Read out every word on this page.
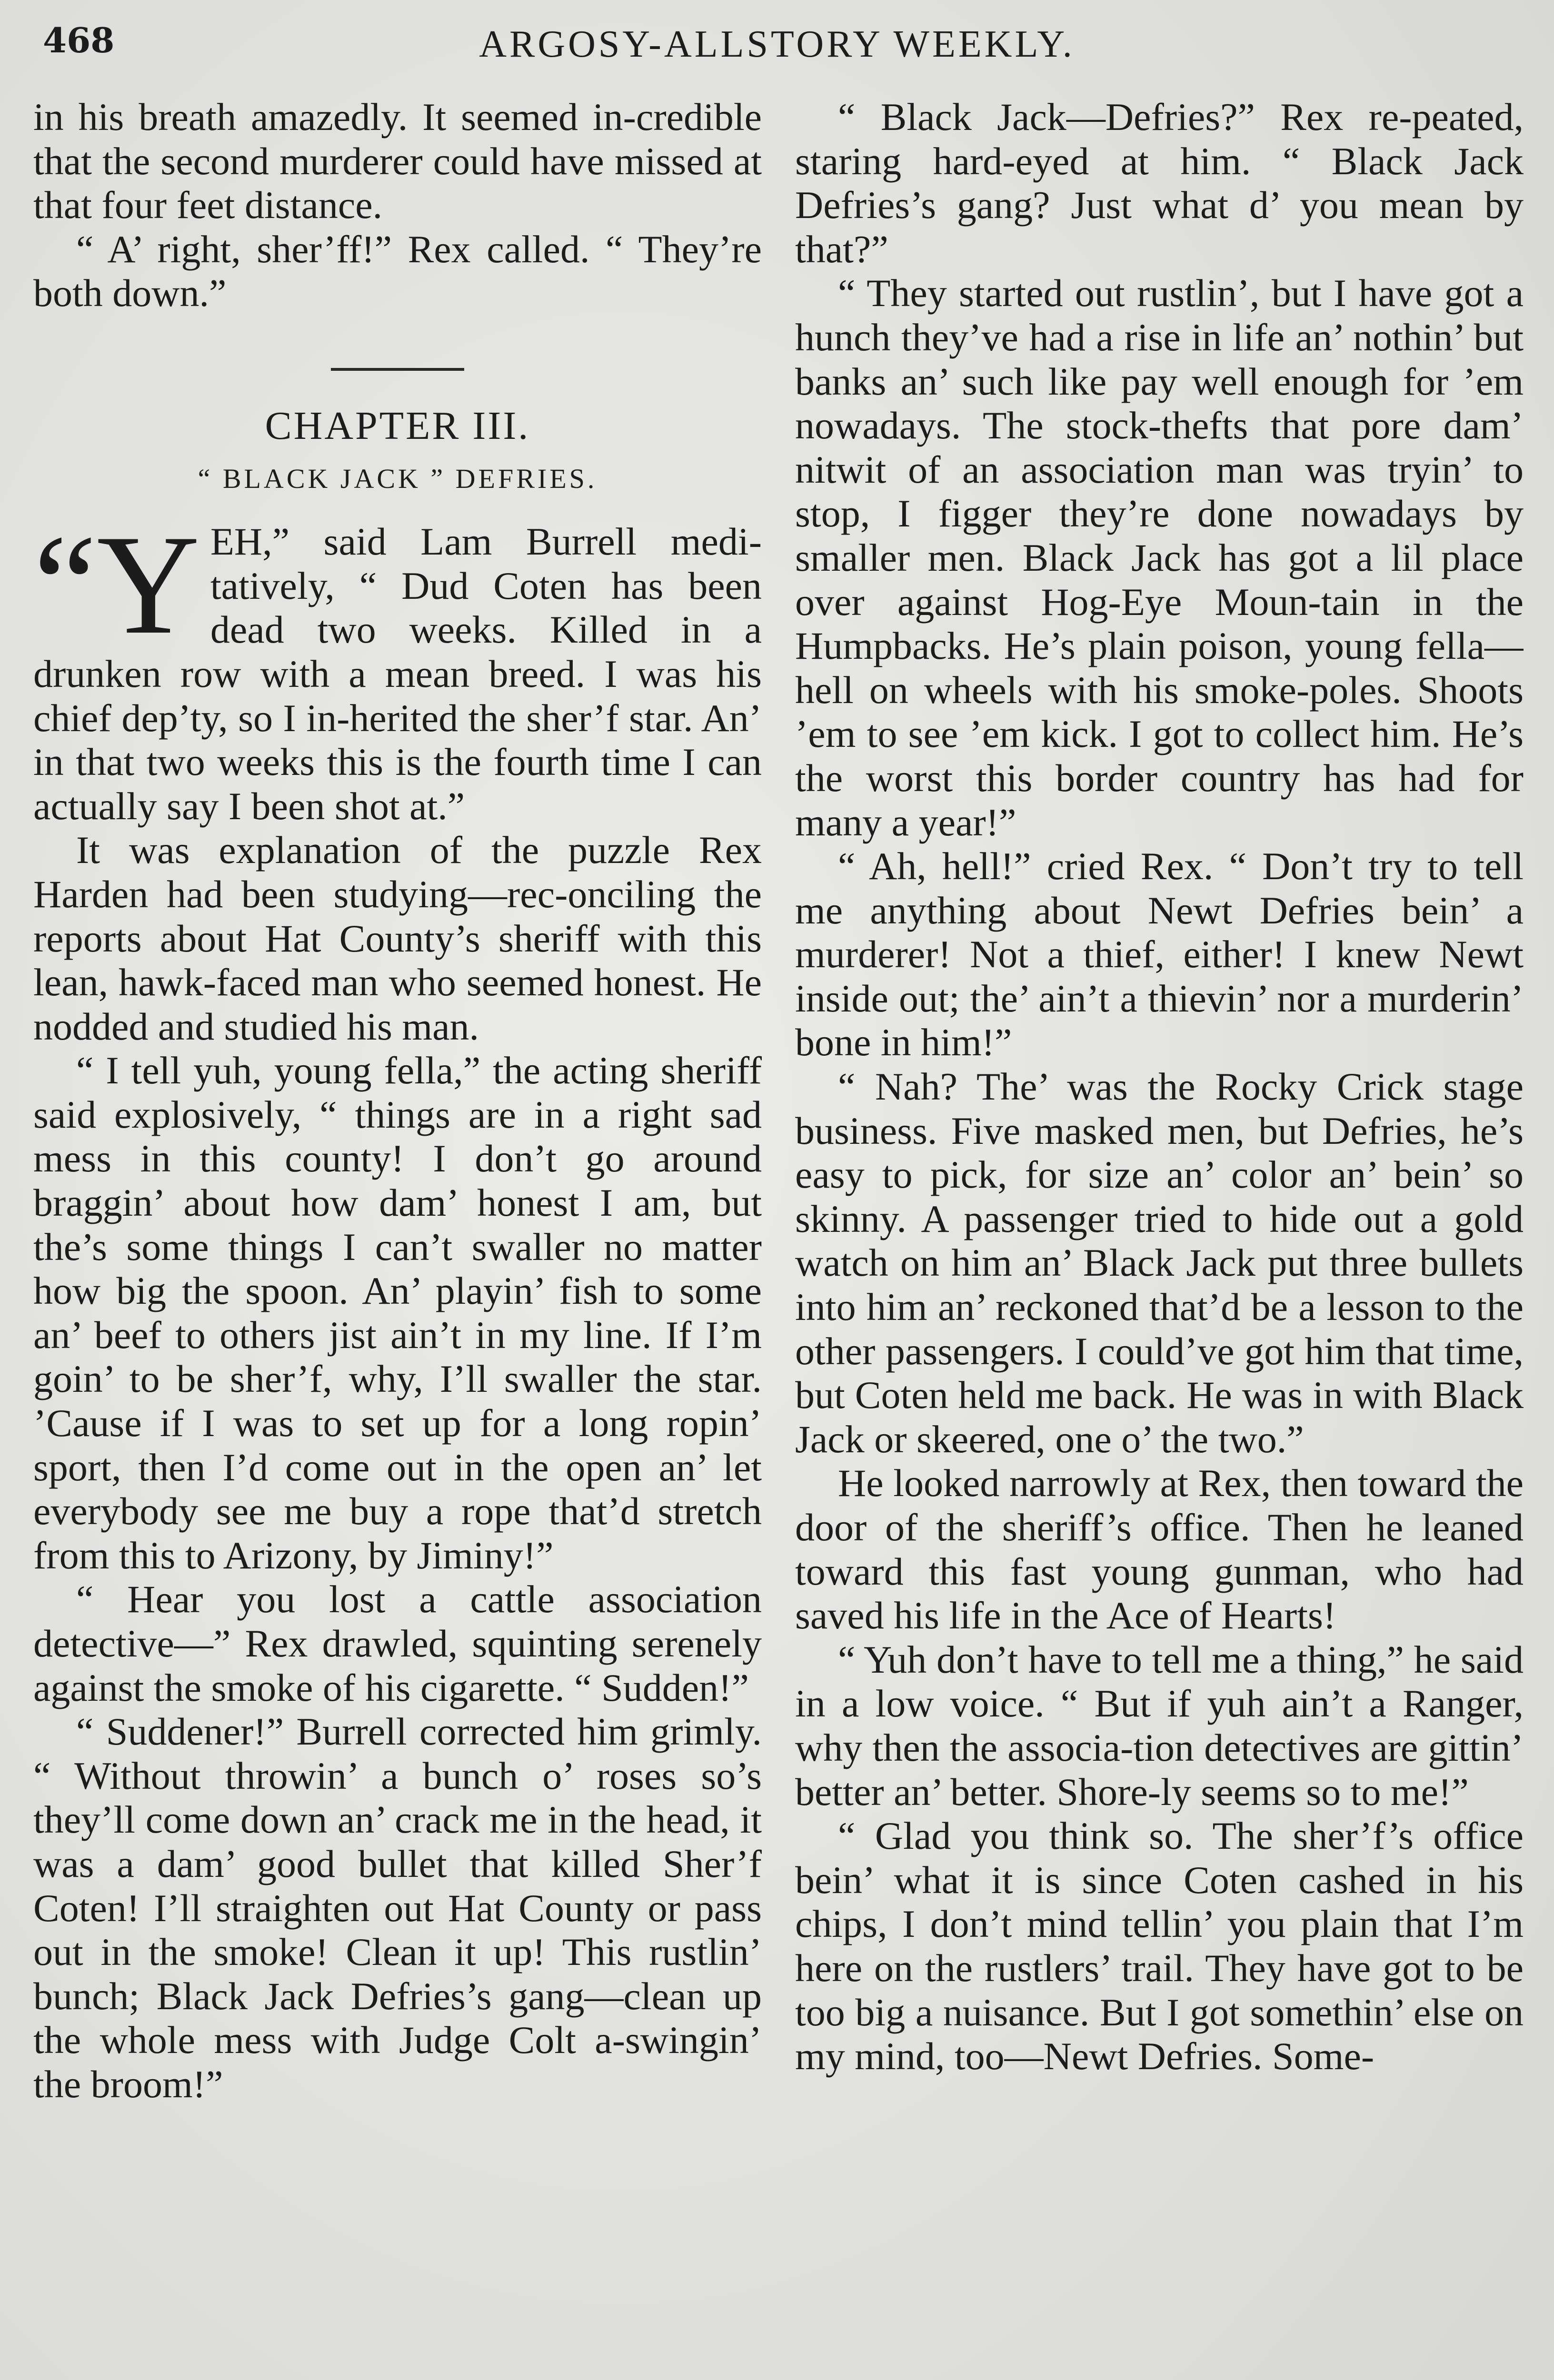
468	ARGOSY-ALLSTORY WEEKLY.

in his breath amazedly. It seemed in-credible that the second murderer could have missed at that four feet distance.

“ A’ right, sher’ff!” Rex called. “ They’re both down.”

CHAPTER III.
“ BLACK JACK ” DEFRIES.

“Y EH,” said Lam Burrell medi-tatively, “ Dud Coten has been dead two weeks. Killed in a drunken row with a mean breed. I was his chief dep’ty, so I in-herited the sher’f star. An’ in that two weeks this is the fourth time I can actually say I been shot at.”

It was explanation of the puzzle Rex Harden had been studying—rec-onciling the reports about Hat County’s sheriff with this lean, hawk-faced man who seemed honest. He nodded and studied his man.

“ I tell yuh, young fella,” the acting sheriff said explosively, “ things are in a right sad mess in this county! I don’t go around braggin’ about how dam’ honest I am, but the’s some things I can’t swaller no matter how big the spoon. An’ playin’ fish to some an’ beef to others jist ain’t in my line. If I’m goin’ to be sher’f, why, I’ll swaller the star. ’Cause if I was to set up for a long ropin’ sport, then I’d come out in the open an’ let everybody see me buy a rope that’d stretch from this to Arizony, by Jiminy!”

“ Hear you lost a cattle association detective—” Rex drawled, squinting serenely against the smoke of his cigarette. “ Sudden!”

“ Suddener!” Burrell corrected him grimly. “ Without throwin’ a bunch o’ roses so’s they’ll come down an’ crack me in the head, it was a dam’ good bullet that killed Sher’f Coten! I’ll straighten out Hat County or pass out in the smoke! Clean it up! This rustlin’ bunch; Black Jack Defries’s gang—clean up the whole mess with Judge Colt a-swingin’ the broom!”

“ Black Jack—Defries?” Rex re-peated, staring hard-eyed at him. “ Black Jack Defries’s gang? Just what d’ you mean by that?”

“ They started out rustlin’, but I have got a hunch they’ve had a rise in life an’ nothin’ but banks an’ such like pay well enough for ’em nowadays. The stock-thefts that pore dam’ nitwit of an association man was tryin’ to stop, I figger they’re done nowadays by smaller men. Black Jack has got a lil place over against Hog-Eye Moun-tain in the Humpbacks. He’s plain poison, young fella—hell on wheels with his smoke-poles. Shoots ’em to see ’em kick. I got to collect him. He’s the worst this border country has had for many a year!”

“ Ah, hell!” cried Rex. “ Don’t try to tell me anything about Newt Defries bein’ a murderer! Not a thief, either! I knew Newt inside out; the’ ain’t a thievin’ nor a murderin’ bone in him!”

“ Nah? The’ was the Rocky Crick stage business. Five masked men, but Defries, he’s easy to pick, for size an’ color an’ bein’ so skinny. A passenger tried to hide out a gold watch on him an’ Black Jack put three bullets into him an’ reckoned that’d be a lesson to the other passengers. I could’ve got him that time, but Coten held me back. He was in with Black Jack or skeered, one o’ the two.”

He looked narrowly at Rex, then toward the door of the sheriff’s office. Then he leaned toward this fast young gunman, who had saved his life in the Ace of Hearts!

“ Yuh don’t have to tell me a thing,” he said in a low voice. “ But if yuh ain’t a Ranger, why then the associa-tion detectives are gittin’ better an’ better. Shore-ly seems so to me!”

“ Glad you think so. The sher’f’s office bein’ what it is since Coten cashed in his chips, I don’t mind tellin’ you plain that I’m here on the rustlers’ trail. They have got to be too big a nuisance. But I got somethin’ else on my mind, too—Newt Defries. Some-
